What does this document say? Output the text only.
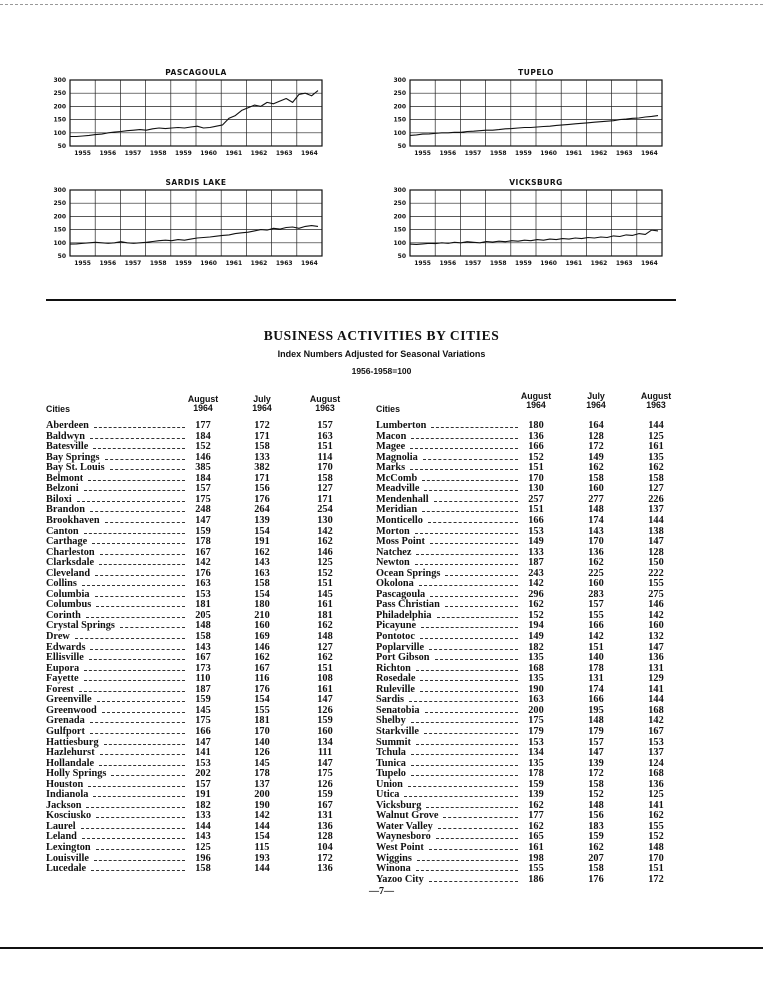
PASCAGOULA
300
250
200
150
100
50
1955 1956 1957 1958 1959 1960 1961 1962 1963 1964
TUPELO
300
250
200
150
100
50
1955 1956 1957 1958 1959 1960 1961 1962 1963 1964
SARDIS LAKE
300
250
200
150
100
50
1955 1956 1957 1958 1959 1960 1961 1962 1963 1964
VICKSBURG
300
250
200
150
100
50
1955 1956 1957 1958 1959 1960 1961 1962 1963 1964
BUSINESS ACTIVITIES BY CITIES
Index Numbers Adjusted for Seasonal Variations
1956-1958=100
Cities
August
1964
July
1964
August
1963
Aberdeen	177	172	157
Baldwyn	184	171	163
Batesville	152	158	151
Bay Springs	146	133	114
Bay St. Louis	385	382	170
Belmont	184	171	158
Belzoni	157	156	127
Biloxi	175	176	171
Brandon	248	264	254
Brookhaven	147	139	130
Canton	159	154	142
Carthage	178	191	162
Charleston	167	162	146
Clarksdale	142	143	125
Cleveland	176	163	152
Collins	163	158	151
Columbia	153	154	145
Columbus	181	180	161
Corinth	205	210	181
Crystal Springs	148	160	162
Drew	158	169	148
Edwards	143	146	127
Ellisville	167	162	162
Eupora	173	167	151
Fayette	110	116	108
Forest	187	176	161
Greenville	159	154	147
Greenwood	145	155	126
Grenada	175	181	159
Gulfport	166	170	160
Hattiesburg	147	140	134
Hazlehurst	141	126	111
Hollandale	153	145	147
Holly Springs	202	178	175
Houston	157	137	126
Indianola	191	200	159
Jackson	182	190	167
Kosciusko	133	142	131
Laurel	144	144	136
Leland	143	154	128
Lexington	125	115	104
Louisville	196	193	172
Lucedale	158	144	136
Cities
August
1964
July
1964
August
1963
Lumberton	180	164	144
Macon	136	128	125
Magee	166	172	161
Magnolia	152	149	135
Marks	151	162	162
McComb	170	158	158
Meadville	130	160	127
Mendenhall	257	277	226
Meridian	151	148	137
Monticello	166	174	144
Morton	153	143	138
Moss Point	149	170	147
Natchez	133	136	128
Newton	187	162	150
Ocean Springs	243	225	222
Okolona	142	160	155
Pascagoula	296	283	275
Pass Christian	162	157	146
Philadelphia	152	155	142
Picayune	194	166	160
Pontotoc	149	142	132
Poplarville	182	151	147
Port Gibson	135	140	136
Richton	168	178	131
Rosedale	135	131	129
Ruleville	190	174	141
Sardis	163	166	144
Senatobia	200	195	168
Shelby	175	148	142
Starkville	179	179	167
Summit	153	157	153
Tchula	134	147	137
Tunica	135	139	124
Tupelo	178	172	168
Union	159	158	136
Utica	139	152	125
Vicksburg	162	148	141
Walnut Grove	177	156	162
Water Valley	162	183	155
Waynesboro	165	159	152
West Point	161	162	148
Wiggins	198	207	170
Winona	155	158	151
Yazoo City	186	176	172
—7—
